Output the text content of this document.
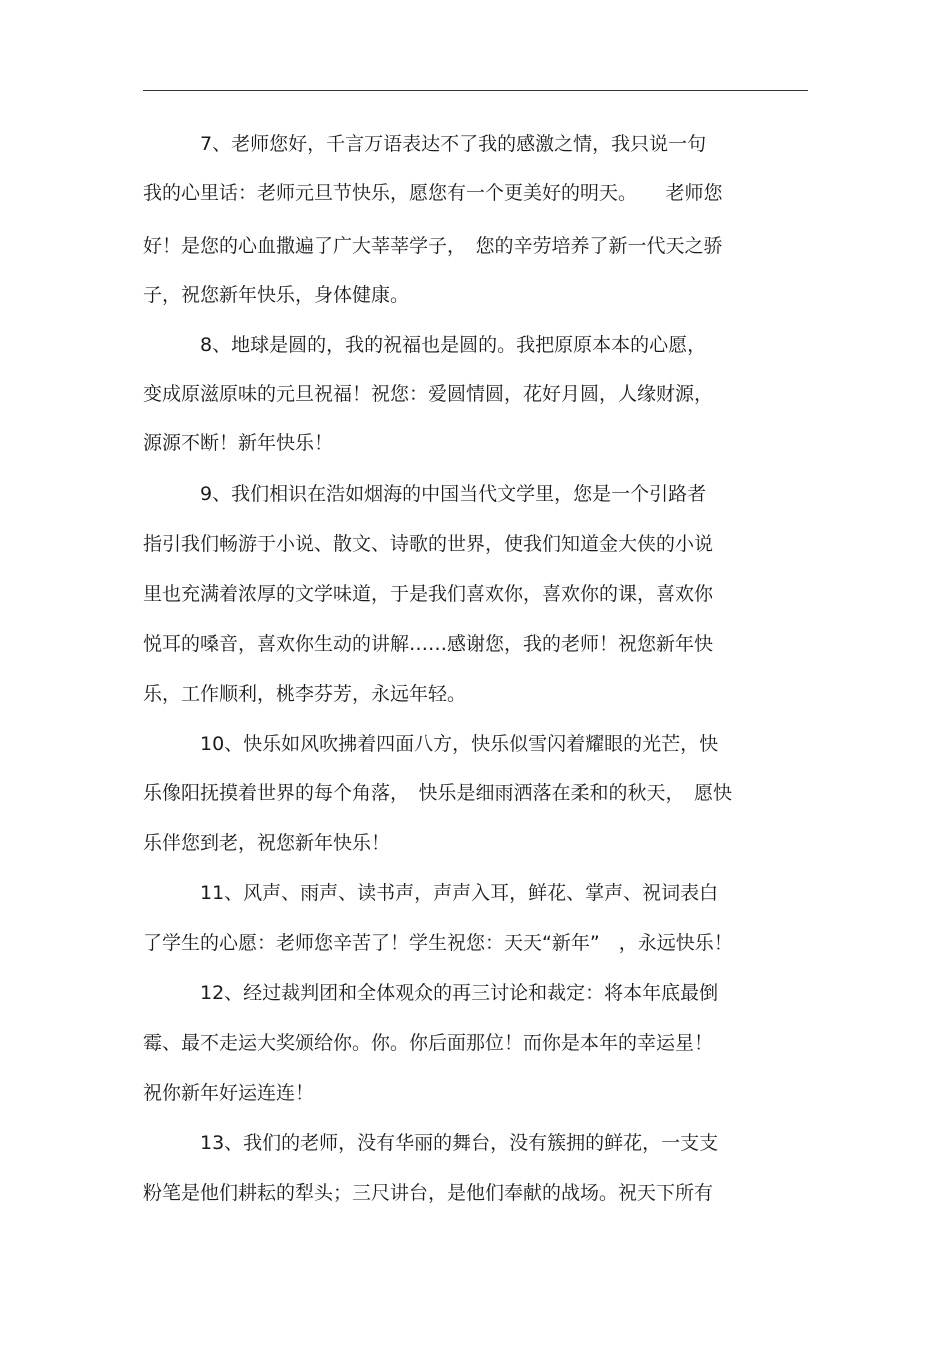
7、老师您好，千言万语表达不了我的感激之情，我只说一句

我的心里话：老师元旦节快乐，愿您有一个更美好的明天。　　老师您

好！是您的心血撒遍了广大莘莘学子，　您的辛劳培养了新一代天之骄

子，祝您新年快乐，身体健康。

8、地球是圆的，我的祝福也是圆的。我把原原本本的心愿，

变成原滋原味的元旦祝福！祝您：爱圆情圆，花好月圆，人缘财源，

源源不断！新年快乐！

9、我们相识在浩如烟海的中国当代文学里，您是一个引路者

指引我们畅游于小说、散文、诗歌的世界，使我们知道金大侠的小说

里也充满着浓厚的文学味道，于是我们喜欢你，喜欢你的课，喜欢你

悦耳的嗓音，喜欢你生动的讲解……感谢您，我的老师！祝您新年快

乐，工作顺利，桃李芬芳，永远年轻。

10、快乐如风吹拂着四面八方，快乐似雪闪着耀眼的光芒，快

乐像阳抚摸着世界的每个角落，　快乐是细雨洒落在柔和的秋天，　愿快

乐伴您到老，祝您新年快乐！

11、风声、雨声、读书声，声声入耳，鲜花、掌声、祝词表白

了学生的心愿：老师您辛苦了！学生祝您：天天“新年”　，永远快乐！

12、经过裁判团和全体观众的再三讨论和裁定：将本年底最倒

霉、最不走运大奖颁给你。你。你后面那位！而你是本年的幸运星！

祝你新年好运连连！

13、我们的老师，没有华丽的舞台，没有簇拥的鲜花，一支支

粉笔是他们耕耘的犁头；三尺讲台，是他们奉献的战场。祝天下所有
